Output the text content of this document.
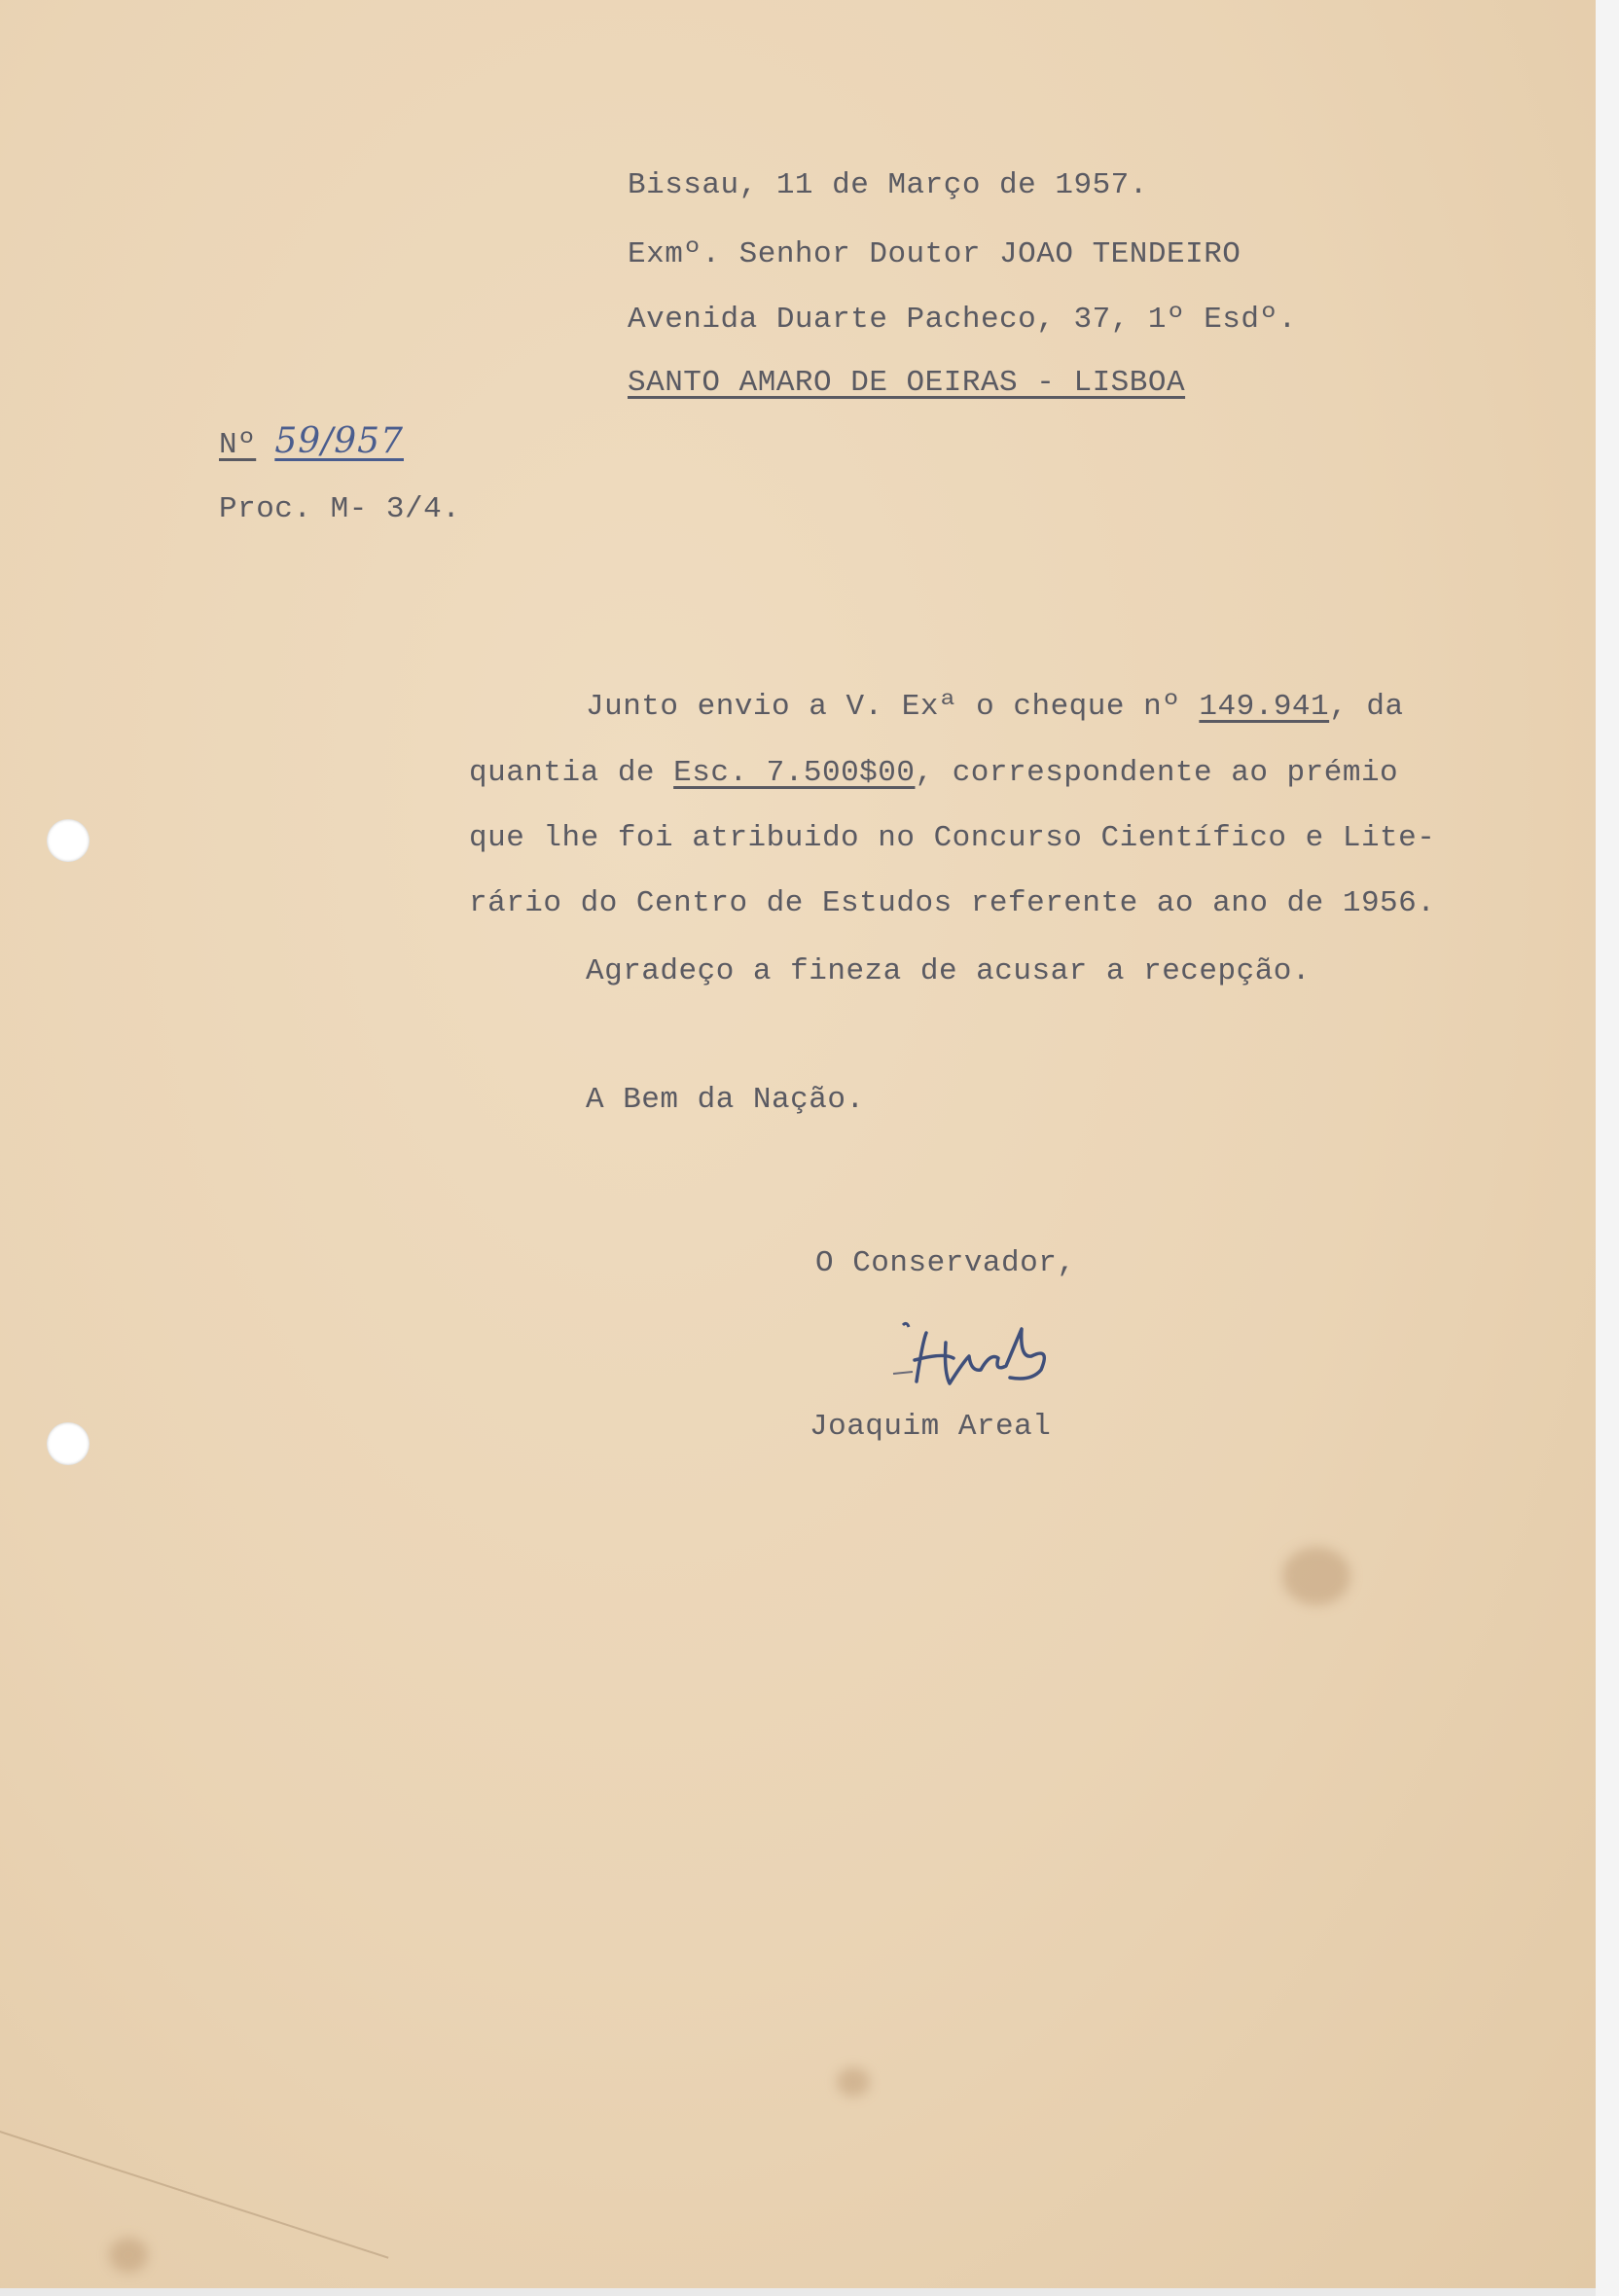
Bissau, 11 de Março de 1957.
Exmº. Senhor Doutor JOAO TENDEIRO
Avenida Duarte Pacheco, 37, 1º Esdº.
SANTO AMARO DE OEIRAS - LISBOA
Nº 59/957
Proc. M- 3/4.
Junto envio a V. Exª o cheque nº 149.941, da
quantia de Esc. 7.500$00, correspondente ao prémio
que lhe foi atribuido no Concurso Científico e Lite-
rário do Centro de Estudos referente ao ano de 1956.
Agradeço a fineza de acusar a recepção.
A Bem da Nação.
O Conservador,
Joaquim Areal
